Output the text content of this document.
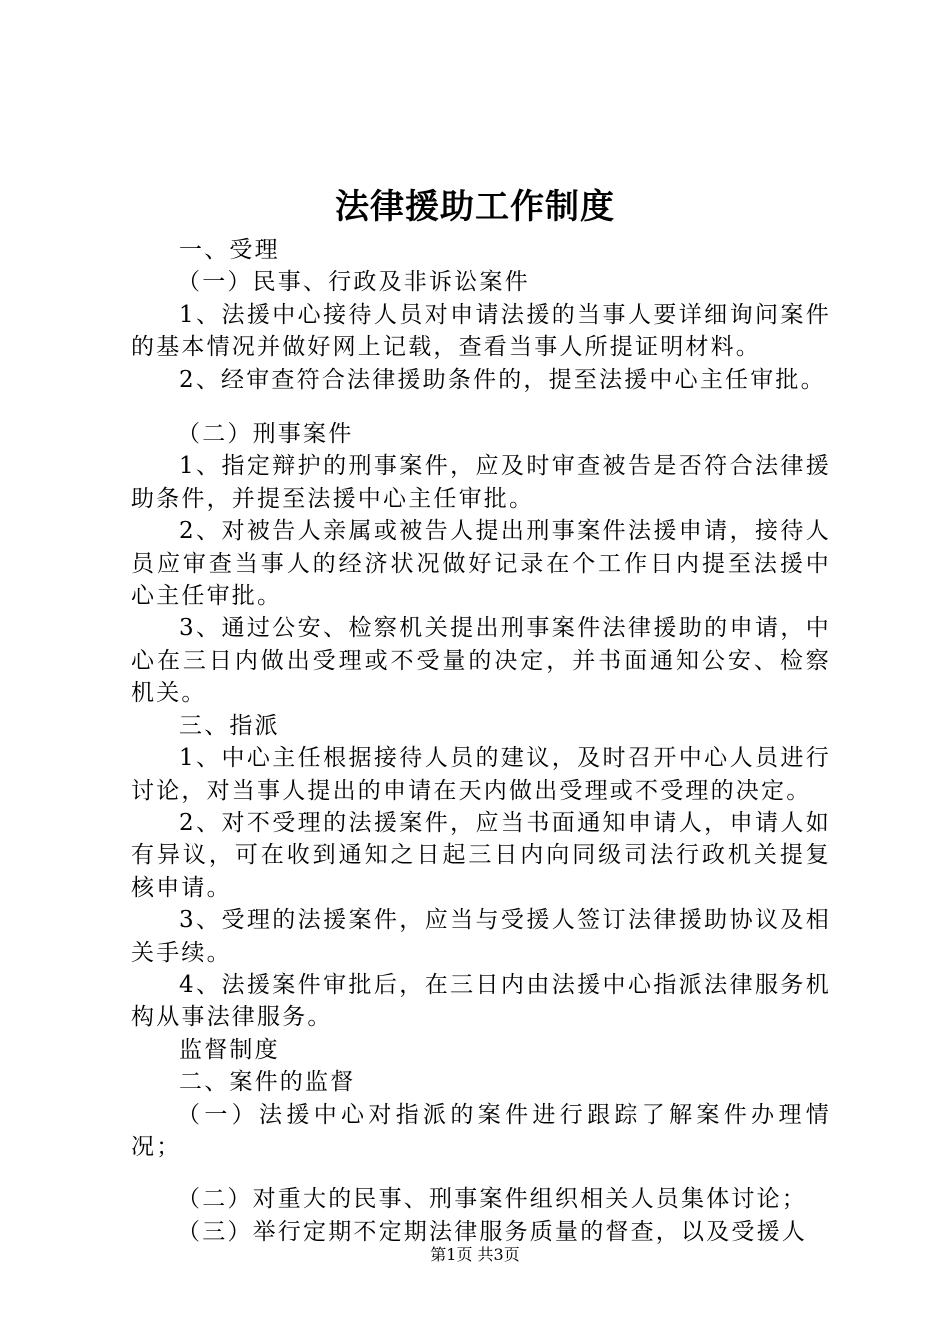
法律援助工作制度

一、受理

（一）民事、行政及非诉讼案件

1、法援中心接待人员对申请法援的当事人要详细询问案件的基本情况并做好网上记载，查看当事人所提证明材料。

2、经审查符合法律援助条件的，提至法援中心主任审批。

（二）刑事案件

1、指定辩护的刑事案件，应及时审查被告是否符合法律援助条件，并提至法援中心主任审批。

2、对被告人亲属或被告人提出刑事案件法援申请，接待人员应审查当事人的经济状况做好记录在个工作日内提至法援中心主任审批。

3、通过公安、检察机关提出刑事案件法律援助的申请，中心在三日内做出受理或不受量的决定，并书面通知公安、检察机关。

三、指派

1、中心主任根据接待人员的建议，及时召开中心人员进行讨论，对当事人提出的申请在天内做出受理或不受理的决定。

2、对不受理的法援案件，应当书面通知申请人，申请人如有异议，可在收到通知之日起三日内向同级司法行政机关提复核申请。

3、受理的法援案件，应当与受援人签订法律援助协议及相关手续。

4、法援案件审批后，在三日内由法援中心指派法律服务机构从事法律服务。

监督制度

二、案件的监督

（一）法援中心对指派的案件进行跟踪了解案件办理情况；

（二）对重大的民事、刑事案件组织相关人员集体讨论；

（三）举行定期不定期法律服务质量的督查，以及受援人

第1页 共3页
